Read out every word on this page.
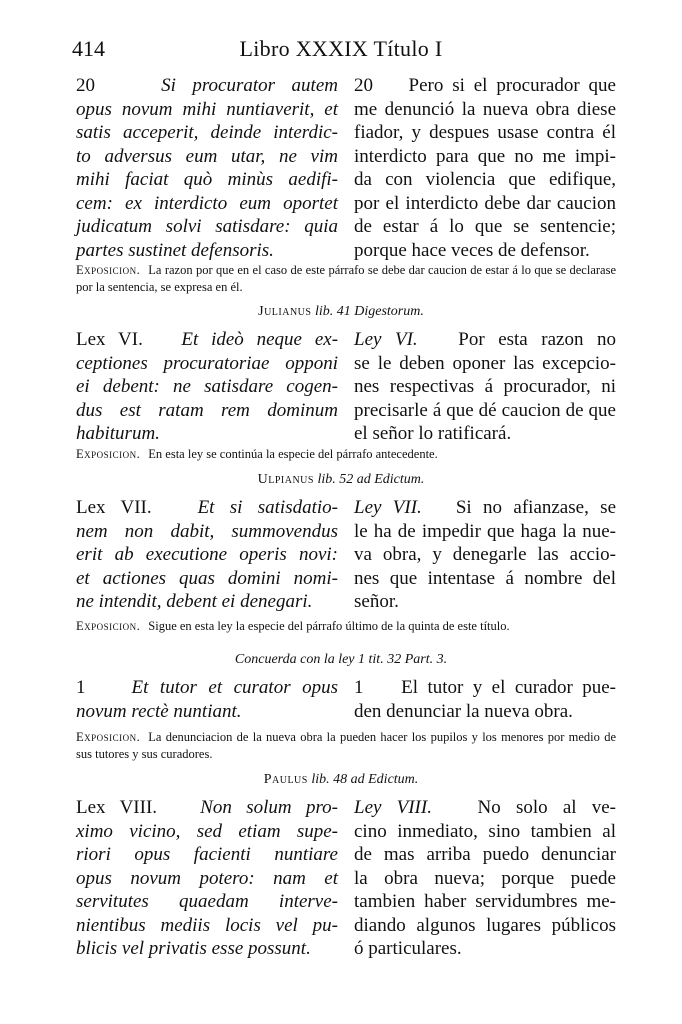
414	Libro XXXIX Título I
20	Si procurator autem
opus novum mihi nuntiaverit, et
satis acceperit, deinde interdic-
to adversus eum utar, ne vim
mihi faciat quò minùs aedifi-
cem: ex interdicto eum oportet
judicatum solvi satisdare: quia
partes sustinet defensoris.
20 Pero si el procurador que
me denunció la nueva obra diese
fiador, y despues usase contra él
interdicto para que no me impi-
da con violencia que edifique,
por el interdicto debe dar caucion
de estar á lo que se sentencie;
porque hace veces de defensor.
Exposicion. La razon por que en el caso de este párrafo se debe dar caucion de estar á lo que se declarase por la sentencia, se expresa en él.
Julianus lib. 41 Digestorum.
Lex VI. Et ideò neque ex-
ceptiones procuratoriae opponi
ei debent: ne satisdare cogen-
dus est ratam rem dominum
habiturum.
Ley VI. Por esta razon no
se le deben oponer las excepcio-
nes respectivas á procurador, ni
precisarle á que dé caucion de que
el señor lo ratificará.
Exposicion. En esta ley se continúa la especie del párrafo antecedente.
Ulpianus lib. 52 ad Edictum.
Lex VII. Et si satisdatio-
nem non dabit, summovendus
erit ab executione operis novi:
et actiones quas domini nomi-
ne intendit, debent ei denegari.
Ley VII. Si no afianzase, se
le ha de impedir que haga la nue-
va obra, y denegarle las accio-
nes que intentase á nombre del
señor.
Exposicion. Sigue en esta ley la especie del párrafo último de la quinta de este título.
Concuerda con la ley 1 tit. 32 Part. 3.
1 Et tutor et curator opus
novum rectè nuntiant.
1 El tutor y el curador pue-
den denunciar la nueva obra.
Exposicion. La denunciacion de la nueva obra la pueden hacer los pupilos y los menores por medio de sus tutores y sus curadores.
Paulus lib. 48 ad Edictum.
Lex VIII. Non solum pro-
ximo vicino, sed etiam supe-
riori opus facienti nuntiare
opus novum potero: nam et
servitutes quaedam interve-
nientibus mediis locis vel pu-
blicis vel privatis esse possunt.
Ley VIII. No solo al ve-
cino inmediato, sino tambien al
de mas arriba puedo denunciar
la obra nueva; porque puede
tambien haber servidumbres me-
diando algunos lugares públicos
ó particulares.
